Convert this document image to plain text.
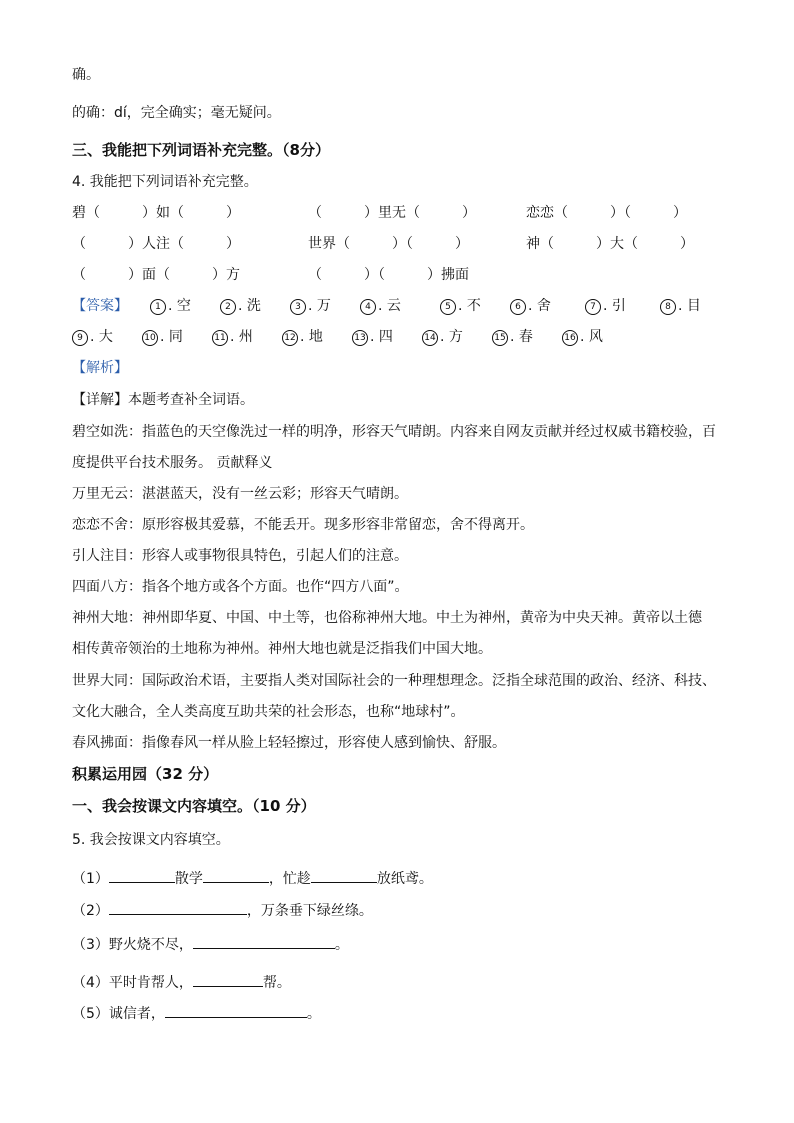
确。
的确：dí，完全确实；毫无疑问。
三、我能把下列词语补充完整。（8分）
4. 我能把下列词语补充完整。
碧（　　　）如（　　　）	（　　　）里无（　　　）	恋恋（　　　）（　　　）
（　　　）人注（　　　）	世界（　　　）（　　　）	神（　　　）大（　　　）
（　　　）面（　　　）方	（　　　）（　　　）拂面
【答案】	1 . 空	2 . 洗	3 . 万	4 . 云	5 . 不	6 . 舍	7 . 引	8 . 目
9 . 大	10 . 同	11 . 州	12 . 地	13 . 四	14 . 方	15 . 春	16 . 风
【解析】
【详解】本题考查补全词语。
碧空如洗：指蓝色的天空像洗过一样的明净，形容天气晴朗。内容来自网友贡献并经过权威书籍校验，百
度提供平台技术服务。 贡献释义
万里无云：湛湛蓝天，没有一丝云彩；形容天气晴朗。
恋恋不舍：原形容极其爱慕，不能丢开。现多形容非常留恋，舍不得离开。
引人注目：形容人或事物很具特色，引起人们的注意。
四面八方：指各个地方或各个方面。也作“四方八面”。
神州大地：神州即华夏、中国、中土等，也俗称神州大地。中土为神州，黄帝为中央天神。黄帝以土德
相传黄帝领治的土地称为神州。神州大地也就是泛指我们中国大地。
世界大同：国际政治术语，主要指人类对国际社会的一种理想理念。泛指全球范围的政治、经济、科技、
文化大融合，全人类高度互助共荣的社会形态，也称“地球村”。
春风拂面：指像春风一样从脸上轻轻擦过，形容使人感到愉快、舒服。
积累运用园（32 分）
一、我会按课文内容填空。（10 分）
5. 我会按课文内容填空。
（1）	散学	，忙趁	放纸鸢。
（2）	，万条垂下绿丝绦。
（3）野火烧不尽，	。
（4）平时肯帮人，	帮。
（5）诚信者，	。
